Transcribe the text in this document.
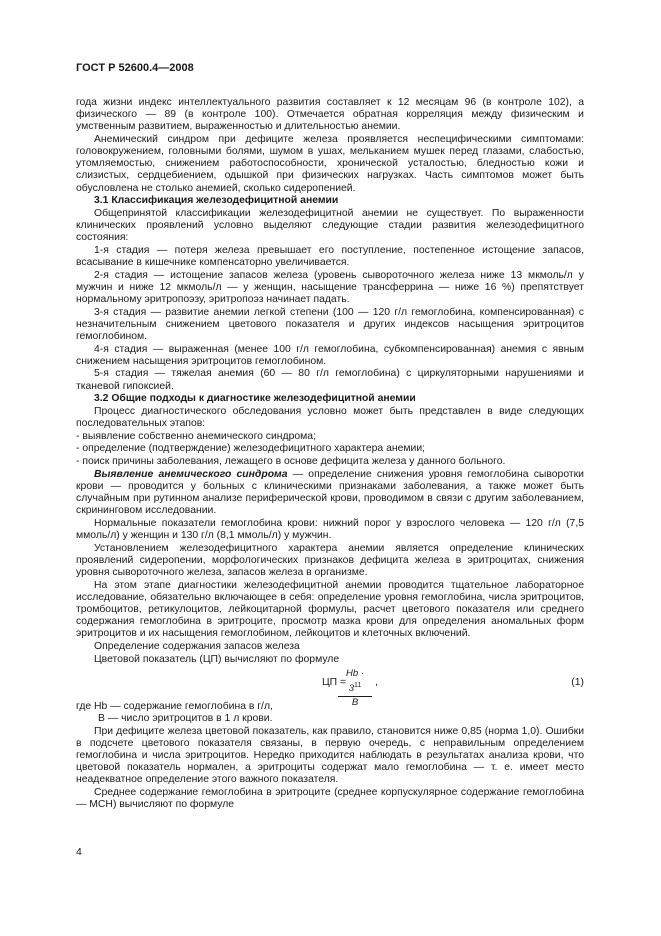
ГОСТ Р 52600.4—2008

года жизни индекс интеллектуального развития составляет к 12 месяцам 96 (в контроле 102), а физического — 89 (в контроле 100). Отмечается обратная корреляция между физическим и умственным развитием, выраженностью и длительностью анемии.

Анемический синдром при дефиците железа проявляется неспецифическими симптомами: головокружением, головными болями, шумом в ушах, мельканием мушек перед глазами, слабостью, утомляемостью, снижением работоспособности, хронической усталостью, бледностью кожи и слизистых, сердцебиением, одышкой при физических нагрузках. Часть симптомов может быть обусловлена не столько анемией, сколько сидеропенией.

3.1 Классификация железодефицитной анемии

Общепринятой классификации железодефицитной анемии не существует. По выраженности клинических проявлений условно выделяют следующие стадии развития железодефицитного состояния:

1-я стадия — потеря железа превышает его поступление, постепенное истощение запасов, всасывание в кишечнике компенсаторно увеличивается.

2-я стадия — истощение запасов железа (уровень сывороточного железа ниже 13 мкмоль/л у мужчин и ниже 12 мкмоль/л — у женщин, насыщение трансферрина — ниже 16 %) препятствует нормальному эритропоэзу, эритропоэз начинает падать.

3-я стадия — развитие анемии легкой степени (100 — 120 г/л гемоглобина, компенсированная) с незначительным снижением цветового показателя и других индексов насыщения эритроцитов гемоглобином.

4-я стадия — выраженная (менее 100 г/л гемоглобина, субкомпенсированная) анемия с явным снижением насыщения эритроцитов гемоглобином.

5-я стадия — тяжелая анемия (60 — 80 г/л гемоглобина) с циркуляторными нарушениями и тканевой гипоксией.

3.2 Общие подходы к диагностике железодефицитной анемии

Процесс диагностического обследования условно может быть представлен в виде следующих последовательных этапов:

- выявление собственно анемического синдрома;

- определение (подтверждение) железодефицитного характера анемии;

- поиск причины заболевания, лежащего в основе дефицита железа у данного больного.

Выявление анемического синдрома — определение снижения уровня гемоглобина сыворотки крови — проводится у больных с клиническими признаками заболевания, а также может быть случайным при рутинном анализе периферической крови, проводимом в связи с другим заболеванием, скрининговом исследовании.

Нормальные показатели гемоглобина крови: нижний порог у взрослого человека — 120 г/л (7,5 ммоль/л) у женщин и 130 г/л (8,1 ммоль/л) у мужчин.

Установлением железодефицитного характера анемии является определение клинических проявлений сидеропении, морфологических признаков дефицита железа в эритроцитах, снижения уровня сывороточного железа, запасов железа в организме.

На этом этапе диагностики железодефицитной анемии проводится тщательное лабораторное исследование, обязательно включающее в себя: определение уровня гемоглобина, числа эритроцитов, тромбоцитов, ретикулоцитов, лейкоцитарной формулы, расчет цветового показателя или среднего содержания гемоглобина в эритроците, просмотр мазка крови для определения аномальных форм эритроцитов и их насыщения гемоглобином, лейкоцитов и клеточных включений.

Определение содержания запасов железа

Цветовой показатель (ЦП) вычисляют по формуле

ЦП =
$\frac{Hb \cdot 3^{11}}{B}$ ,	(1)

где Hb — содержание гемоглобина в г/л,

B — число эритроцитов в 1 л крови.

При дефиците железа цветовой показатель, как правило, становится ниже 0,85 (норма 1,0). Ошибки в подсчете цветового показателя связаны, в первую очередь, с неправильным определением гемоглобина и числа эритроцитов. Нередко приходится наблюдать в результатах анализа крови, что цветовой показатель нормален, а эритроциты содержат мало гемоглобина — т. е. имеет место неадекватное определение этого важного показателя.

Среднее содержание гемоглобина в эритроците (среднее корпускулярное содержание гемоглобина — МСН) вычисляют по формуле

4
